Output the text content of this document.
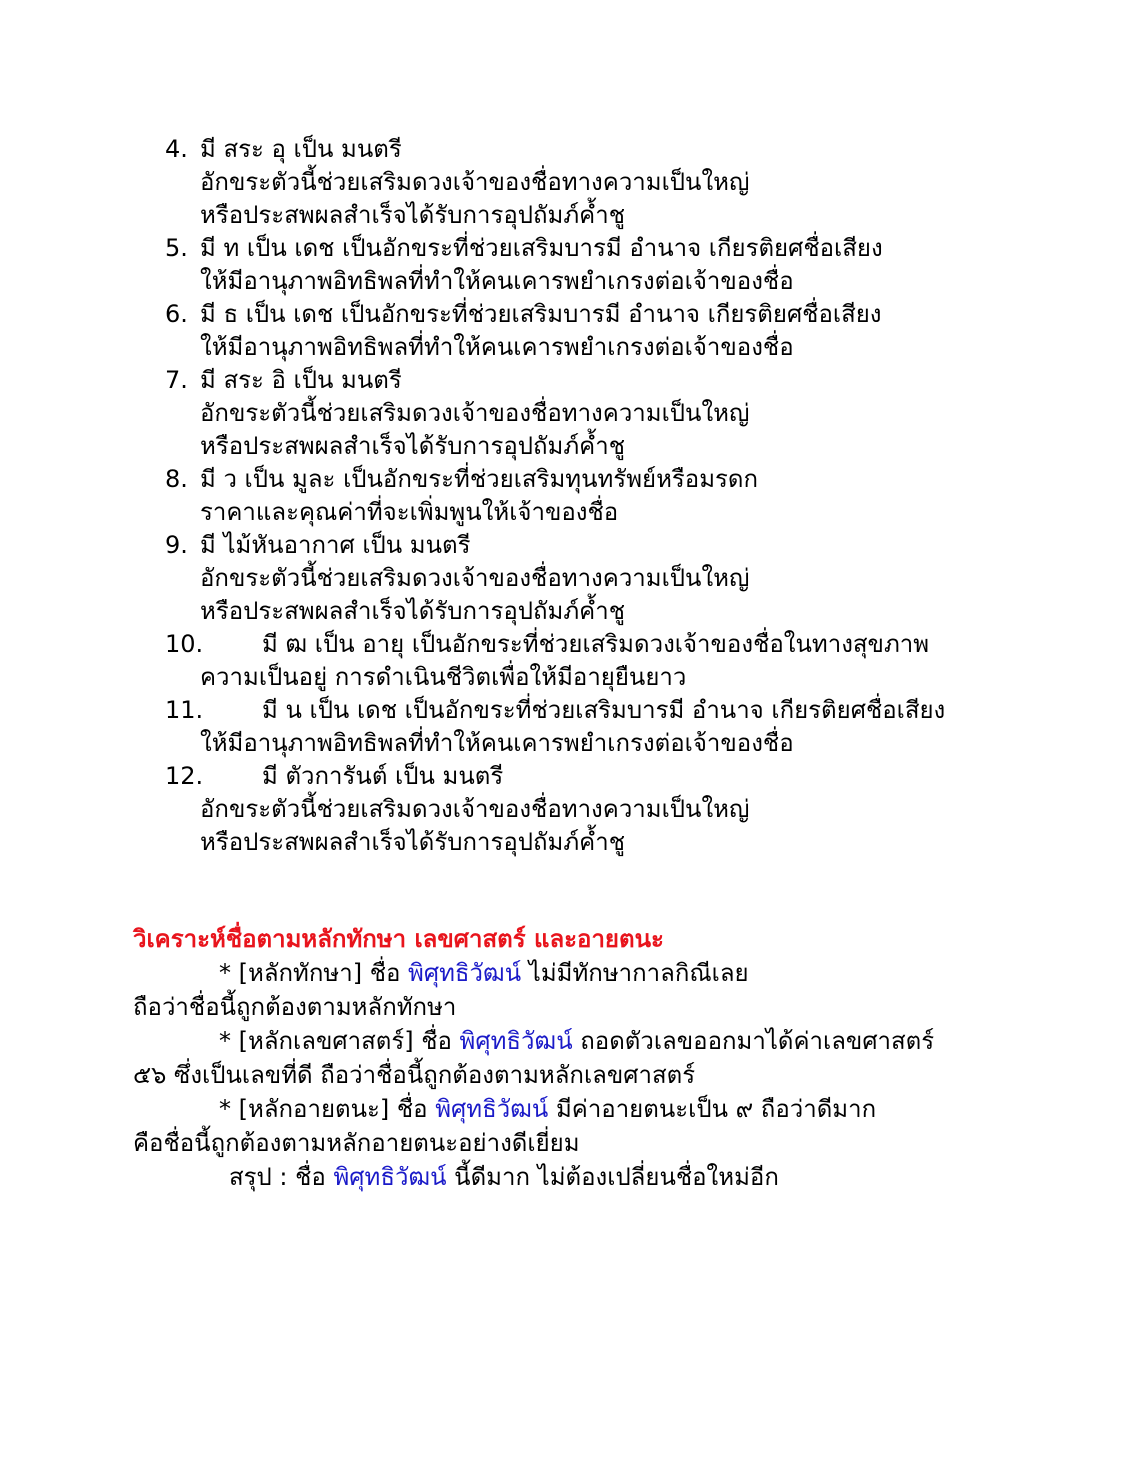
4. มี สระ อุ เป็น มนตรี
อักขระตัวนี้ช่วยเสริมดวงเจ้าของชื่อทางความเป็นใหญ่
หรือประสพผลสำเร็จได้รับการอุปถัมภ์ค้ำชู
5. มี ท เป็น เดช เป็นอักขระที่ช่วยเสริมบารมี อำนาจ เกียรติยศชื่อเสียง
ให้มีอานุภาพอิทธิพลที่ทำให้คนเคารพยำเกรงต่อเจ้าของชื่อ
6. มี ธ เป็น เดช เป็นอักขระที่ช่วยเสริมบารมี อำนาจ เกียรติยศชื่อเสียง
ให้มีอานุภาพอิทธิพลที่ทำให้คนเคารพยำเกรงต่อเจ้าของชื่อ
7. มี สระ อิ เป็น มนตรี
อักขระตัวนี้ช่วยเสริมดวงเจ้าของชื่อทางความเป็นใหญ่
หรือประสพผลสำเร็จได้รับการอุปถัมภ์ค้ำชู
8. มี ว เป็น มูละ เป็นอักขระที่ช่วยเสริมทุนทรัพย์หรือมรดก
ราคาและคุณค่าที่จะเพิ่มพูนให้เจ้าของชื่อ
9. มี ไม้หันอากาศ เป็น มนตรี
อักขระตัวนี้ช่วยเสริมดวงเจ้าของชื่อทางความเป็นใหญ่
หรือประสพผลสำเร็จได้รับการอุปถัมภ์ค้ำชู
10.	มี ฒ เป็น อายุ เป็นอักขระที่ช่วยเสริมดวงเจ้าของชื่อในทางสุขภาพ
ความเป็นอยู่ การดำเนินชีวิตเพื่อให้มีอายุยืนยาว
11.	มี น เป็น เดช เป็นอักขระที่ช่วยเสริมบารมี อำนาจ เกียรติยศชื่อเสียง
ให้มีอานุภาพอิทธิพลที่ทำให้คนเคารพยำเกรงต่อเจ้าของชื่อ
12.	มี ตัวการันต์ เป็น มนตรี
อักขระตัวนี้ช่วยเสริมดวงเจ้าของชื่อทางความเป็นใหญ่
หรือประสพผลสำเร็จได้รับการอุปถัมภ์ค้ำชู
วิเคราะห์ชื่อตามหลักทักษา เลขศาสตร์ และอายตนะ
* [หลักทักษา] ชื่อ พิศุทธิวัฒน์ ไม่มีทักษากาลกิณีเลย
ถือว่าชื่อนี้ถูกต้องตามหลักทักษา
* [หลักเลขศาสตร์] ชื่อ พิศุทธิวัฒน์ ถอดตัวเลขออกมาได้ค่าเลขศาสตร์
๕๖ ซึ่งเป็นเลขที่ดี ถือว่าชื่อนี้ถูกต้องตามหลักเลขศาสตร์
* [หลักอายตนะ] ชื่อ พิศุทธิวัฒน์ มีค่าอายตนะเป็น ๙ ถือว่าดีมาก
คือชื่อนี้ถูกต้องตามหลักอายตนะอย่างดีเยี่ยม
สรุป : ชื่อ พิศุทธิวัฒน์ นี้ดีมาก ไม่ต้องเปลี่ยนชื่อใหม่อีก
